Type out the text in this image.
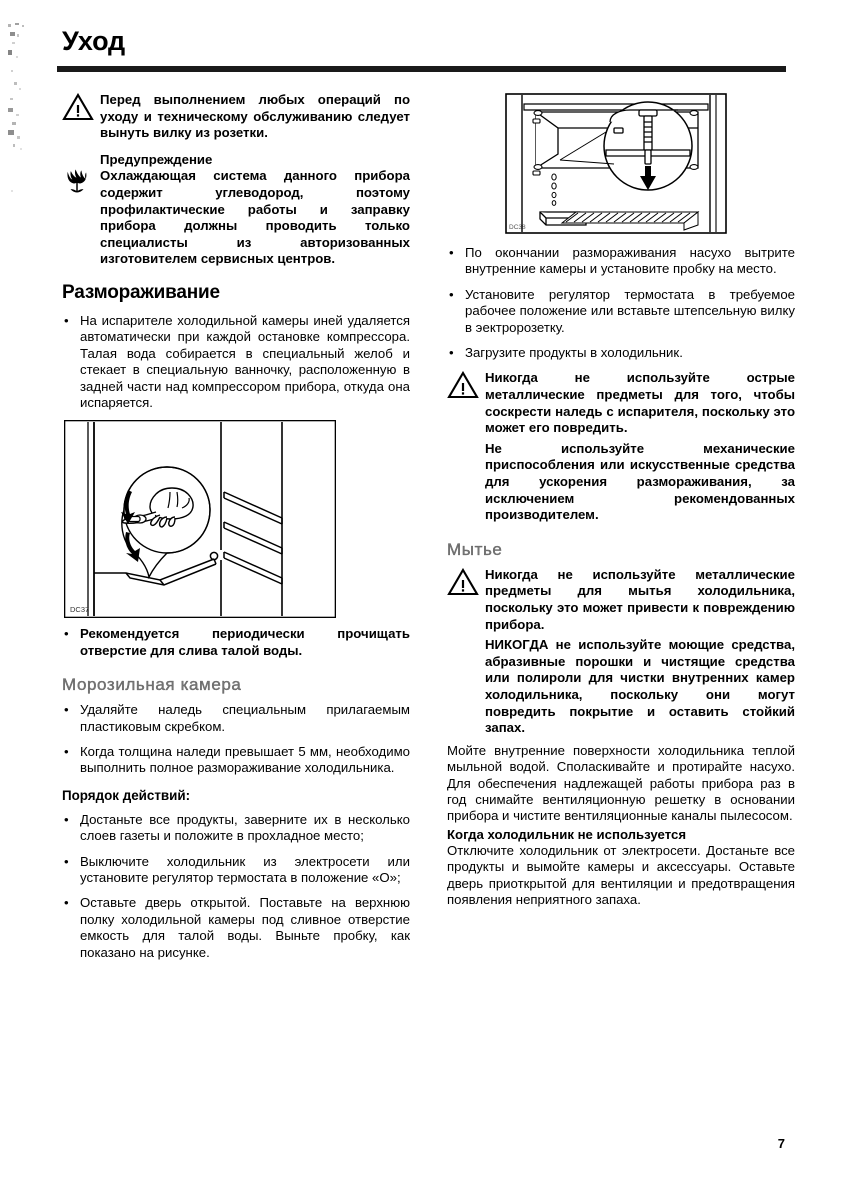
Уход
Перед выполнением любых операций по уходу и техническому обслуживанию следует вынуть вилку из розетки.
Предупреждение
Охлаждающая система данного прибора содержит углеводород, поэтому профилактические работы и заправку прибора должны проводить только специалисты из авторизованных изготовителем сервисных центров.
Размораживание
• На испарителе холодильной камеры иней удаляется автоматически при каждой остановке компрессора. Талая вода собирается в специальный желоб и стекает в специальную ванночку, расположенную в задней части над компрессором прибора, откуда она испаряется.
DC37
• Рекомендуется периодически прочищать отверстие для слива талой воды.
Морозильная камера
• Удаляйте наледь специальным прилагаемым пластиковым скребком.
• Когда толщина наледи превышает 5 мм, необходимо выполнить полное размораживание холодильника.
Порядок действий:
• Достаньте все продукты, заверните их в несколько слоев газеты и положите в прохладное место;
• Выключите холодильник из электросети или установите регулятор термостата в положение «О»;
• Оставьте дверь открытой. Поставьте на верхнюю полку холодильной камеры под сливное отверстие емкость для талой воды. Выньте пробку, как показано на рисунке.
DC38
• По окончании размораживания насухо вытрите внутренние камеры и установите пробку на место.
• Установите регулятор термостата в требуемое рабочее положение или вставьте штепсельную вилку в эектророзетку.
• Загрузите продукты в холодильник.
Никогда не используйте острые металлические предметы для того, чтобы соскрести наледь с испарителя, поскольку это может его повредить.
Не используйте механические приспособления или искусственные средства для ускорения размораживания, за исключением рекомендованных производителем.
Мытье
Никогда не используйте металлические предметы для мытья холодильника, поскольку это может привести к повреждению прибора.
НИКОГДА не используйте моющие средства, абразивные порошки и чистящие средства или полироли для чистки внутренних камер холодильника, поскольку они могут повредить покрытие и оставить стойкий запах.

Мойте внутренние поверхности холодильника теплой мыльной водой. Споласкивайте и протирайте насухо. Для обеспечения надлежащей работы прибора раз в год снимайте вентиляционную решетку в основании прибора и чистите вентиляционные каналы пылесосом.

Когда холодильник не используется

Отключите холодильник от электросети. Достаньте все продукты и вымойте камеры и аксессуары. Оставьте дверь приоткрытой для вентиляции и предотвращения появления неприятного запаха.

7
